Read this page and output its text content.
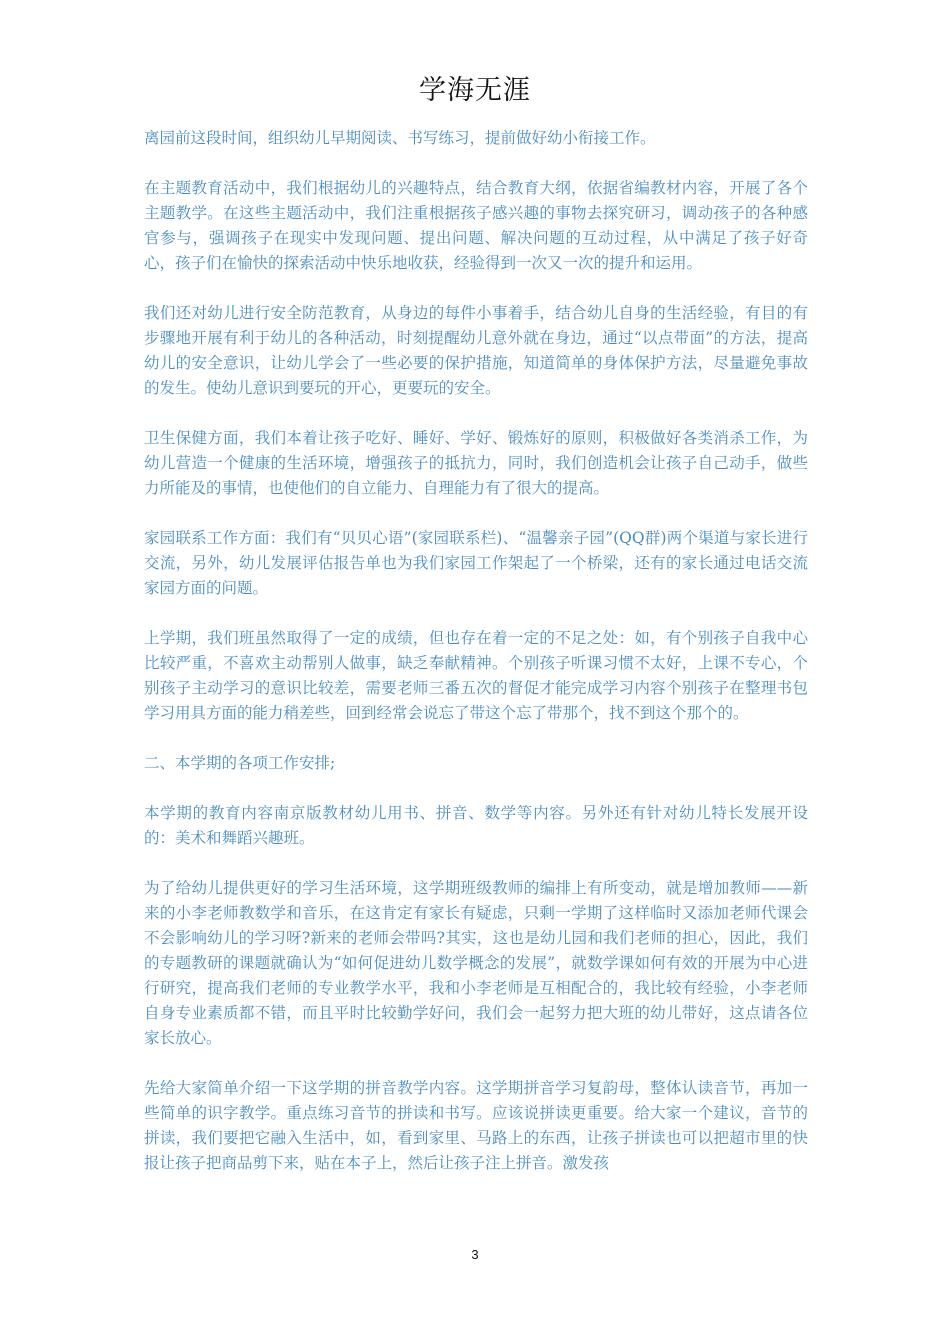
学海无涯

离园前这段时间，组织幼儿早期阅读、书写练习，提前做好幼小衔接工作。

在主题教育活动中，我们根据幼儿的兴趣特点，结合教育大纲，依据省编教材内容，开展了各个主题教学。在这些主题活动中，我们注重根据孩子感兴趣的事物去探究研习，调动孩子的各种感官参与，强调孩子在现实中发现问题、提出问题、解决问题的互动过程，从中满足了孩子好奇心，孩子们在愉快的探索活动中快乐地收获，经验得到一次又一次的提升和运用。

我们还对幼儿进行安全防范教育，从身边的每件小事着手，结合幼儿自身的生活经验，有目的有步骤地开展有利于幼儿的各种活动，时刻提醒幼儿意外就在身边，通过“以点带面”的方法，提高幼儿的安全意识，让幼儿学会了一些必要的保护措施，知道简单的身体保护方法，尽量避免事故的发生。使幼儿意识到要玩的开心，更要玩的安全。

卫生保健方面，我们本着让孩子吃好、睡好、学好、锻炼好的原则，积极做好各类消杀工作，为幼儿营造一个健康的生活环境，增强孩子的抵抗力，同时，我们创造机会让孩子自己动手，做些力所能及的事情，也使他们的自立能力、自理能力有了很大的提高。

家园联系工作方面：我们有“贝贝心语”(家园联系栏)、“温馨亲子园”(QQ群)两个渠道与家长进行交流，另外，幼儿发展评估报告单也为我们家园工作架起了一个桥梁，还有的家长通过电话交流家园方面的问题。

上学期，我们班虽然取得了一定的成绩，但也存在着一定的不足之处：如，有个别孩子自我中心比较严重，不喜欢主动帮别人做事，缺乏奉献精神。个别孩子听课习惯不太好，上课不专心，个别孩子主动学习的意识比较差，需要老师三番五次的督促才能完成学习内容个别孩子在整理书包学习用具方面的能力稍差些，回到经常会说忘了带这个忘了带那个，找不到这个那个的。

二、本学期的各项工作安排;

本学期的教育内容南京版教材幼儿用书、拼音、数学等内容。另外还有针对幼儿特长发展开设的：美术和舞蹈兴趣班。

为了给幼儿提供更好的学习生活环境，这学期班级教师的编排上有所变动，就是增加教师——新来的小李老师教数学和音乐，在这肯定有家长有疑虑，只剩一学期了这样临时又添加老师代课会不会影响幼儿的学习呀?新来的老师会带吗?其实，这也是幼儿园和我们老师的担心，因此，我们的专题教研的课题就确认为“如何促进幼儿数学概念的发展”，就数学课如何有效的开展为中心进行研究，提高我们老师的专业教学水平，我和小李老师是互相配合的，我比较有经验，小李老师自身专业素质都不错，而且平时比较勤学好问，我们会一起努力把大班的幼儿带好，这点请各位家长放心。

先给大家简单介绍一下这学期的拼音教学内容。这学期拼音学习复韵母，整体认读音节，再加一些简单的识字教学。重点练习音节的拼读和书写。应该说拼读更重要。给大家一个建议，音节的拼读，我们要把它融入生活中，如，看到家里、马路上的东西，让孩子拼读也可以把超市里的快报让孩子把商品剪下来，贴在本子上，然后让孩子注上拼音。激发孩

3
